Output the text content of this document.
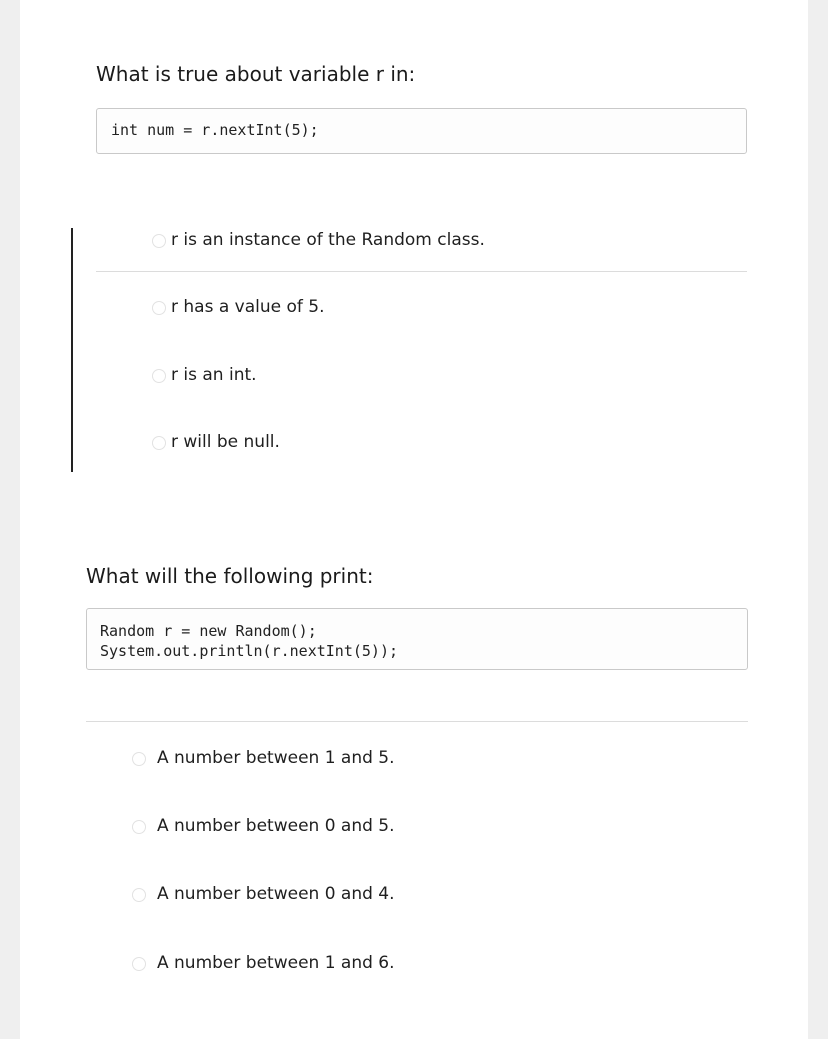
What is true about variable r in:
int num = r.nextInt(5);
r is an instance of the Random class.
r has a value of 5.
r is an int.
r will be null.
What will the following print:
Random r = new Random();
System.out.println(r.nextInt(5));
A number between 1 and 5.
A number between 0 and 5.
A number between 0 and 4.
A number between 1 and 6.
